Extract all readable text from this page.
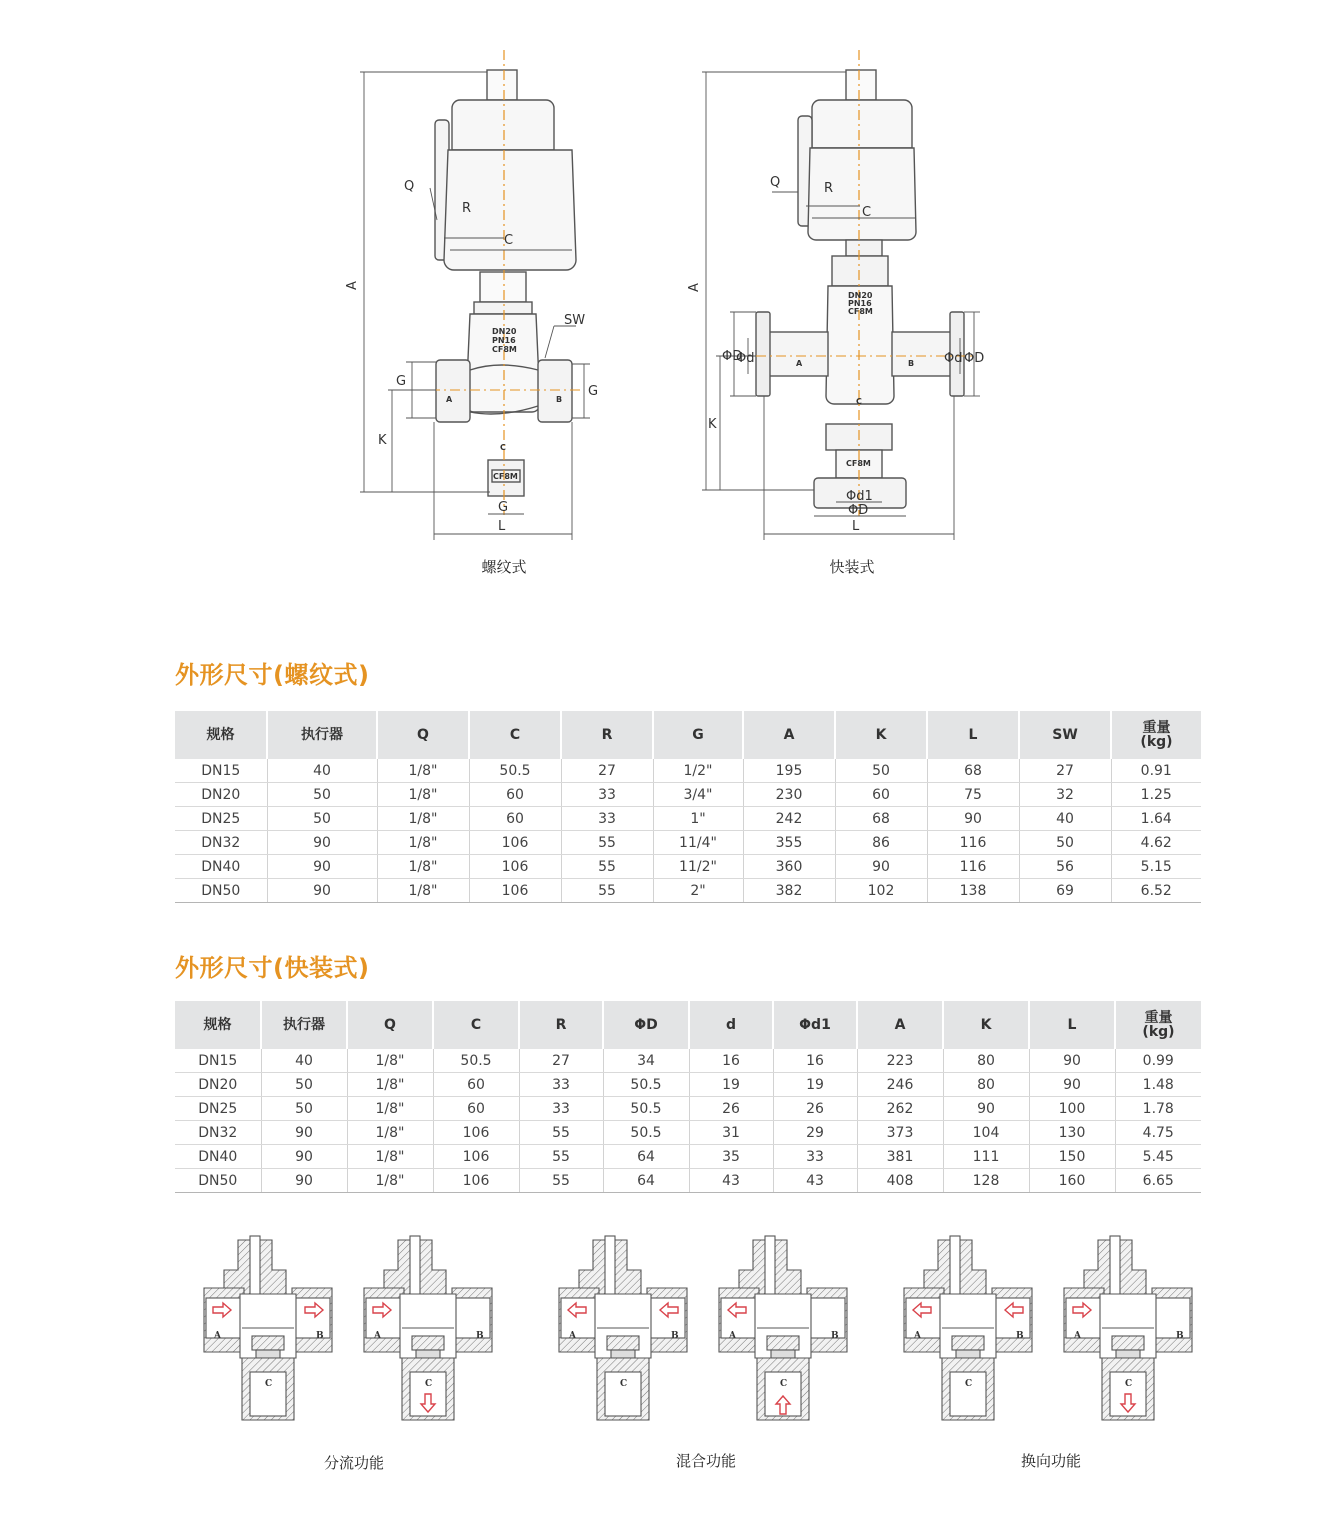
A
Q
R
C
SW
G
G
K
G
L
DN20
PN16
CF8M
A	B
C
CF8M
螺纹式
A
Q	R
C
K
L
ΦD
Φd	Φd ΦD
Φd1
ΦD
DN20
PN16
CF8M
A	B
C
CF8M
快装式
外形尺寸(螺纹式)
规格	执行器	Q	C	R	G	A	K	L	SW	重量
(kg)
DN15	40	1/8"	50.5	27	1/2"	195	50	68	27	0.91
DN20	50	1/8"	60	33	3/4"	230	60	75	32	1.25
DN25	50	1/8"	60	33	1"	242	68	90	40	1.64
DN32	90	1/8"	106	55	11/4"	355	86	116	50	4.62
DN40	90	1/8"	106	55	11/2"	360	90	116	56	5.15
DN50	90	1/8"	106	55	2"	382	102	138	69	6.52
外形尺寸(快装式)
规格	执行器	Q	C	R	ΦD	d	Φd1	A	K	L	重量
(kg)
DN15	40	1/8"	50.5	27	34	16	16	223	80	90	0.99
DN20	50	1/8"	60	33	50.5	19	19	246	80	90	1.48
DN25	50	1/8"	60	33	50.5	26	26	262	90	100	1.78
DN32	90	1/8"	106	55	50.5	31	29	373	104	130	4.75
DN40	90	1/8"	106	55	64	35	33	381	111	150	5.45
DN50	90	1/8"	106	55	64	43	43	408	128	160	6.65
A	B
C
A	B
C
A	B
C
A	B
C
A	B
C
A	B
C
分流功能	混合功能	换向功能
